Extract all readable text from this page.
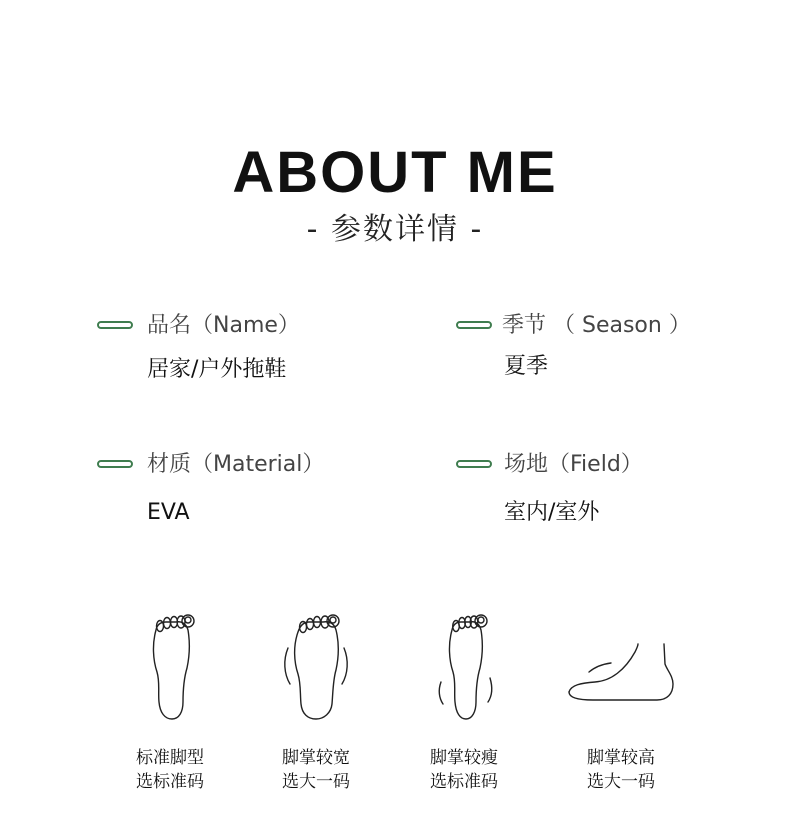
ABOUT ME
- 参数详情 -
品名（Name）
居家/户外拖鞋
季节 （ Season ）
夏季
材质（Material）
EVA
场地（Field）
室内/室外
标准脚型
选标准码
脚掌较宽
选大一码
脚掌较瘦
选标准码
脚掌较高
选大一码
